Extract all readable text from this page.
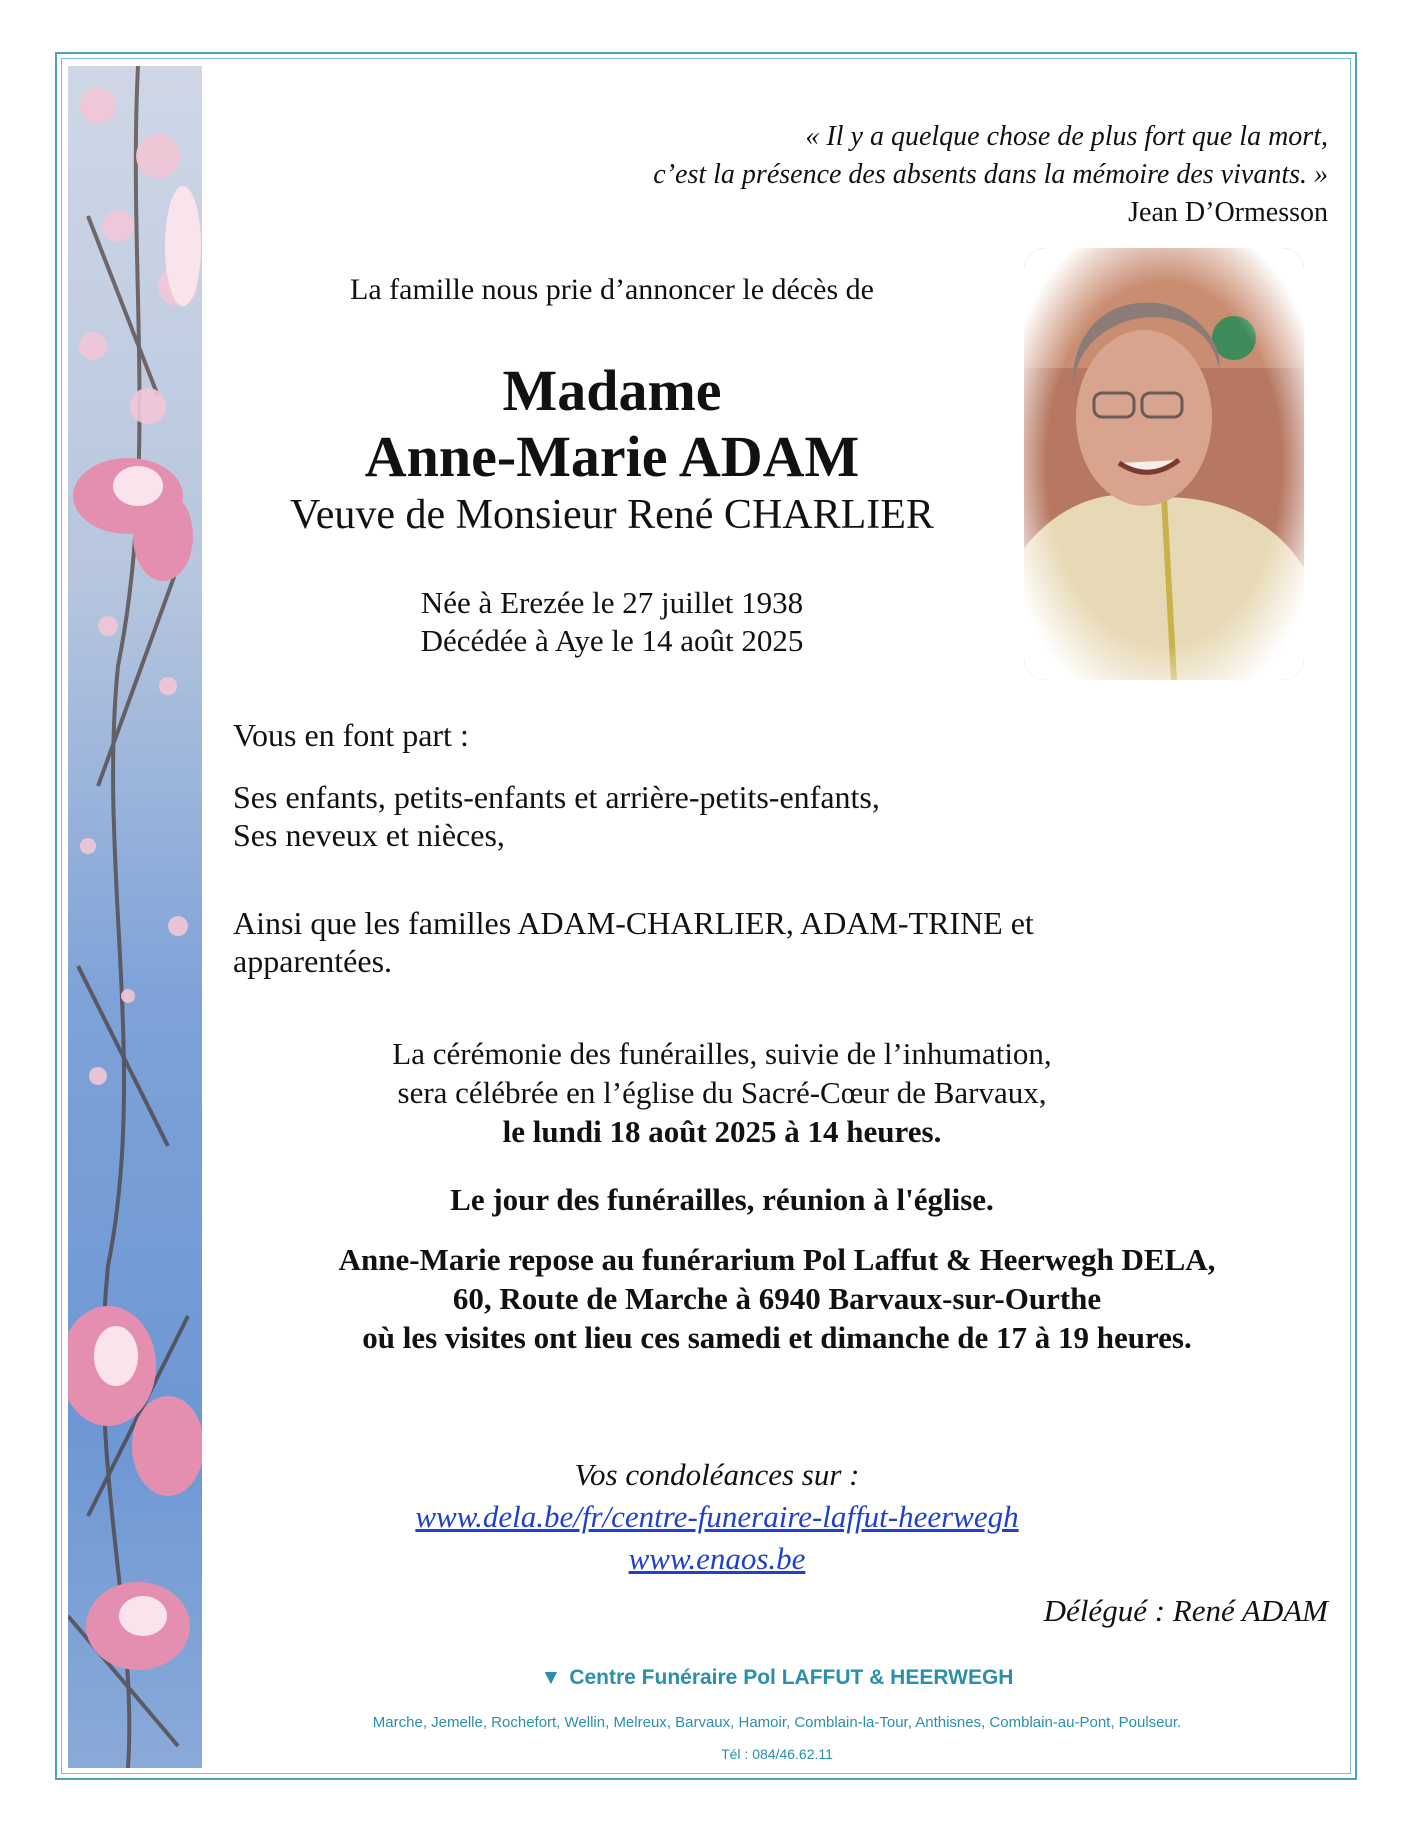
« Il y a quelque chose de plus fort que la mort,
c’est la présence des absents dans la mémoire des vivants. »
Jean D’Ormesson
La famille nous prie d’annoncer le décès de
Madame
Anne-Marie ADAM
Veuve de Monsieur René CHARLIER
Née à Erezée le 27 juillet 1938
Décédée à Aye le 14 août 2025
Vous en font part :
Ses enfants, petits-enfants et arrière-petits-enfants,
Ses neveux et nièces,
Ainsi que les familles ADAM-CHARLIER, ADAM-TRINE et
apparentées.
La cérémonie des funérailles, suivie de l’inhumation,
sera célébrée en l’église du Sacré-Cœur de Barvaux,
le lundi 18 août 2025 à 14 heures.
Le jour des funérailles, réunion à l'église.
Anne-Marie repose au funérarium Pol Laffut & Heerwegh DELA,
60, Route de Marche à 6940 Barvaux-sur-Ourthe
où les visites ont lieu ces samedi et dimanche de 17 à 19 heures.
Vos condoléances sur :
www.dela.be/fr/centre-funeraire-laffut-heerwegh
www.enaos.be
Délégué : René ADAM
▼ Centre Funéraire Pol LAFFUT & HEERWEGH
Marche, Jemelle, Rochefort, Wellin, Melreux, Barvaux, Hamoir, Comblain-la-Tour, Anthisnes, Comblain-au-Pont, Poulseur.
Tél : 084/46.62.11
